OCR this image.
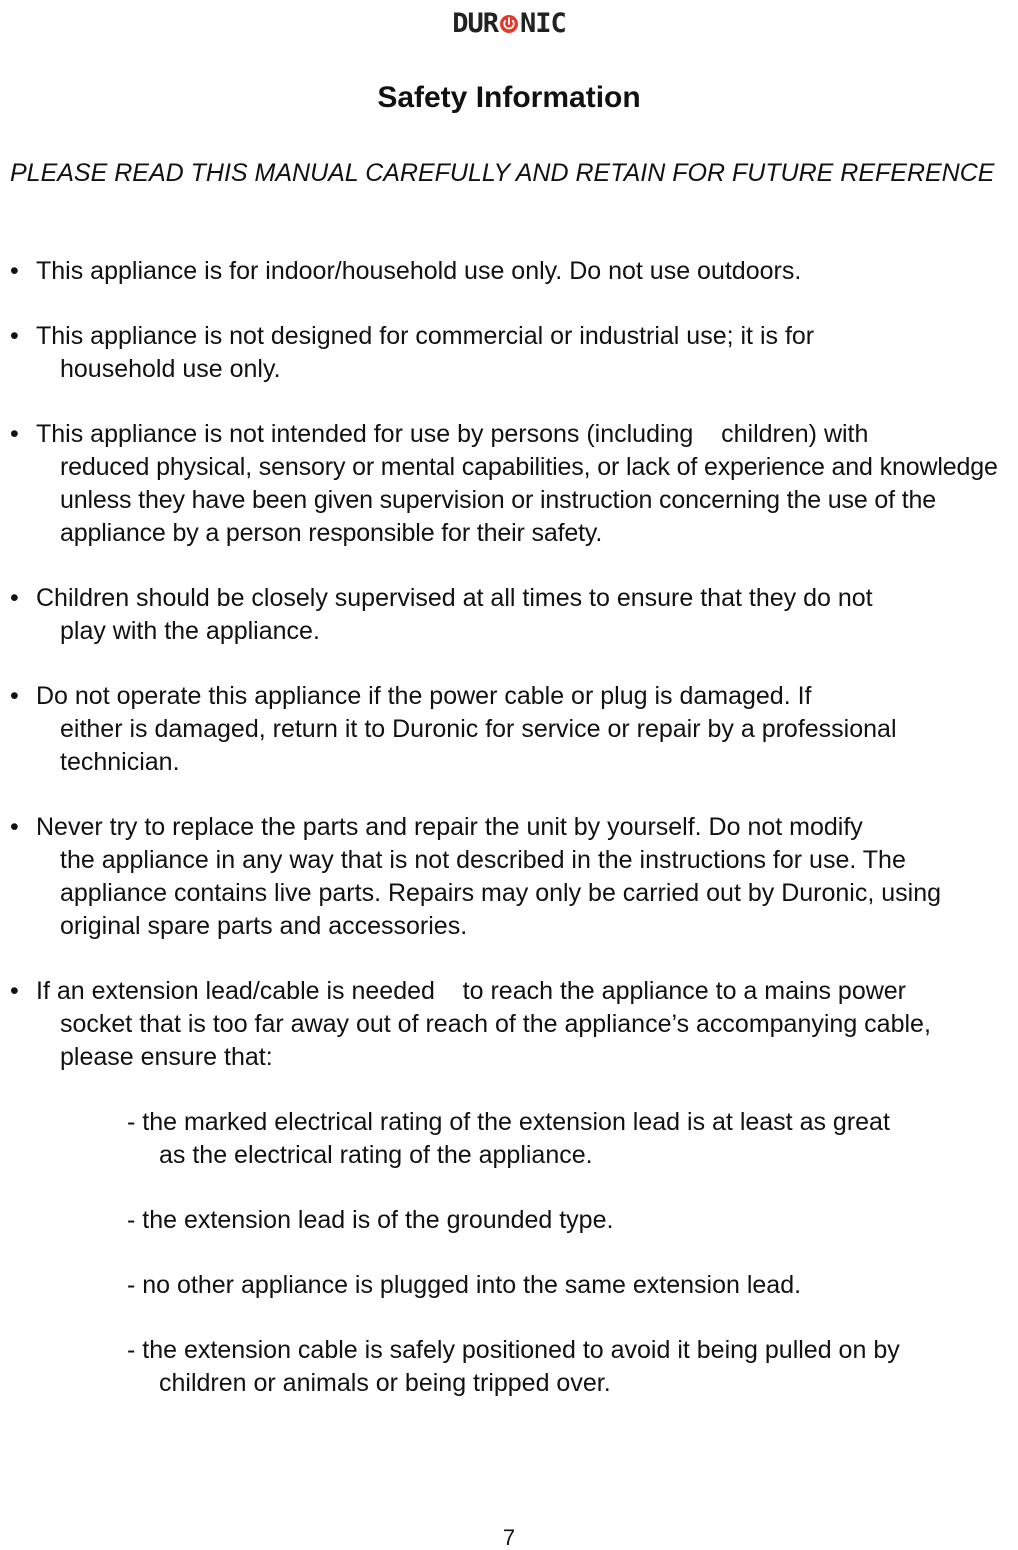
DUR NIC
Safety Information

PLEASE READ THIS MANUAL CAREFULLY AND RETAIN FOR FUTURE REFERENCE

• This appliance is for indoor/household use only. Do not use outdoors.
• This appliance is not designed for commercial or industrial use; it is for
household use only.
• This appliance is not intended for use by persons (including    children) with
reduced physical, sensory or mental capabilities, or lack of experience and knowledge unless they have been given supervision or instruction concerning the use of the appliance by a person responsible for their safety.
• Children should be closely supervised at all times to ensure that they do not
play with the appliance.
• Do not operate this appliance if the power cable or plug is damaged. If
either is damaged, return it to Duronic for service or repair by a professional technician.
• Never try to replace the parts and repair the unit by yourself. Do not modify
the appliance in any way that is not described in the instructions for use. The appliance contains live parts. Repairs may only be carried out by Duronic, using original spare parts and accessories.
• If an extension lead/cable is needed    to reach the appliance to a mains power
socket that is too far away out of reach of the appliance’s accompanying cable, please ensure that:
- the marked electrical rating of the extension lead is at least as great
as the electrical rating of the appliance.
- the extension lead is of the grounded type.
- no other appliance is plugged into the same extension lead.
- the extension cable is safely positioned to avoid it being pulled on by
children or animals or being tripped over.
7
